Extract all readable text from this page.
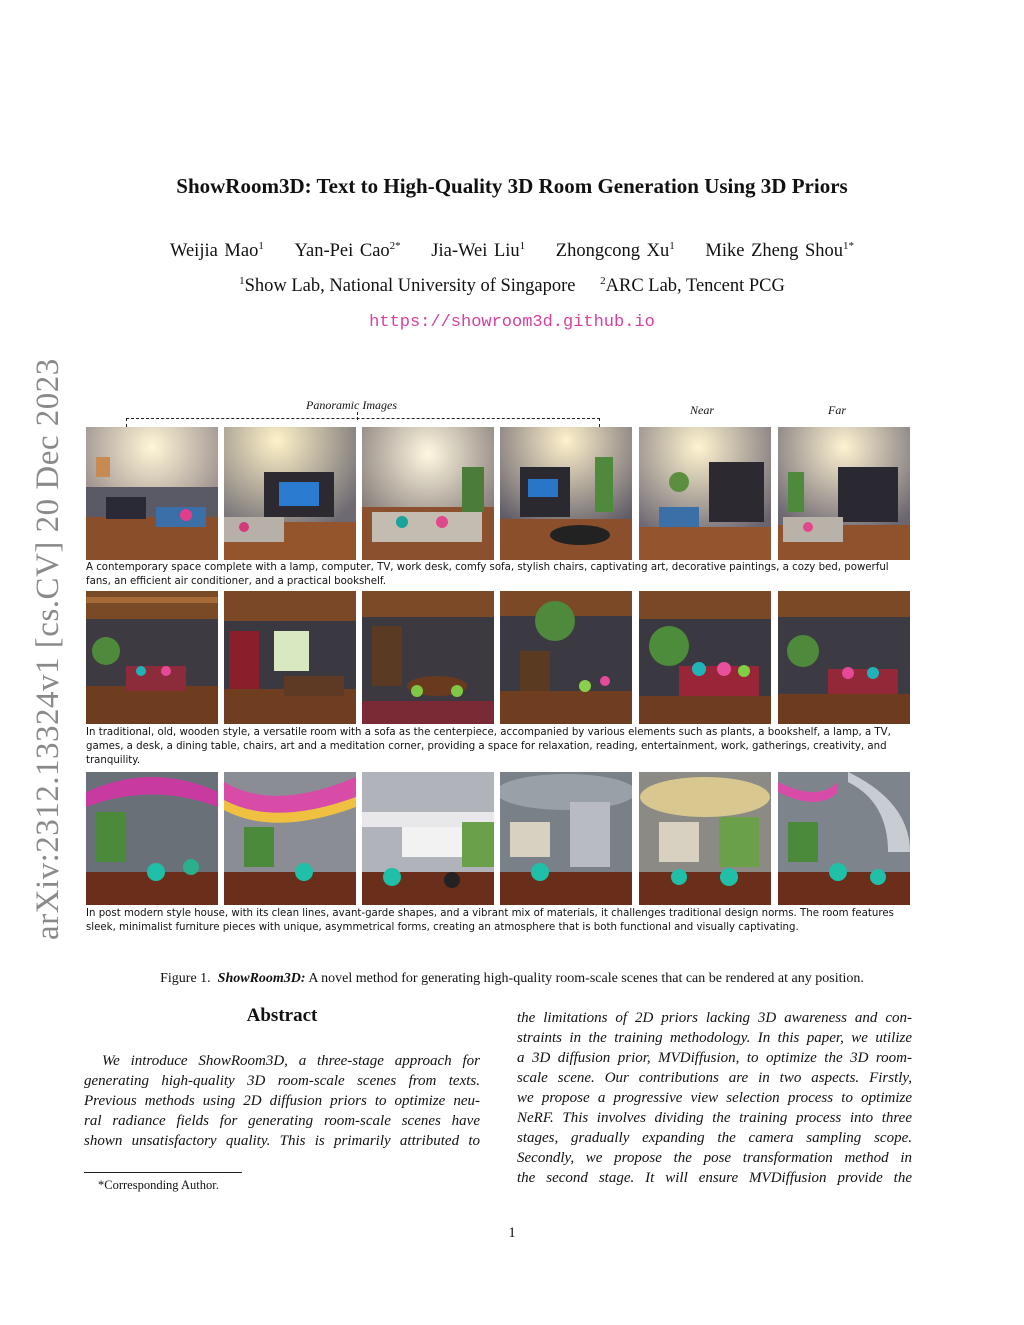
arXiv:2312.13324v1 [cs.CV] 20 Dec 2023
ShowRoom3D: Text to High-Quality 3D Room Generation Using 3D Priors
Weijia Mao$^1$ Yan-Pei Cao$^{2*}$ Jia-Wei Liu$^1$ Zhongcong Xu$^1$ Mike Zheng Shou$^{1*}$
$^1$Show Lab, National University of Singapore $^2$ARC Lab, Tencent PCG
https://showroom3d.github.io
Panoramic Images	Near	Far
A contemporary space complete with a lamp, computer, TV, work desk, comfy sofa, stylish chairs, captivating art, decorative paintings, a cozy bed, powerful fans, an efficient air conditioner, and a practical bookshelf.
In traditional, old, wooden style, a versatile room with a sofa as the centerpiece, accompanied by various elements such as plants, a bookshelf, a lamp, a TV, games, a desk, a dining table, chairs, art and a meditation corner, providing a space for relaxation, reading, entertainment, work, gatherings, creativity, and tranquility.
In post modern style house, with its clean lines, avant-garde shapes, and a vibrant mix of materials, it challenges traditional design norms. The room features sleek, minimalist furniture pieces with unique, asymmetrical forms, creating an atmosphere that is both functional and visually captivating.
Figure 1. ShowRoom3D: A novel method for generating high-quality room-scale scenes that can be rendered at any position.
Abstract
We introduce ShowRoom3D, a three-stage approach for
generating high-quality 3D room-scale scenes from texts.
Previous methods using 2D diffusion priors to optimize neu-
ral radiance fields for generating room-scale scenes have
shown unsatisfactory quality. This is primarily attributed to
the limitations of 2D priors lacking 3D awareness and con-
straints in the training methodology. In this paper, we utilize
a 3D diffusion prior, MVDiffusion, to optimize the 3D room-
scale scene. Our contributions are in two aspects. Firstly,
we propose a progressive view selection process to optimize
NeRF. This involves dividing the training process into three
stages, gradually expanding the camera sampling scope.
Secondly, we propose the pose transformation method in
the second stage. It will ensure MVDiffusion provide the
*Corresponding Author.
1
